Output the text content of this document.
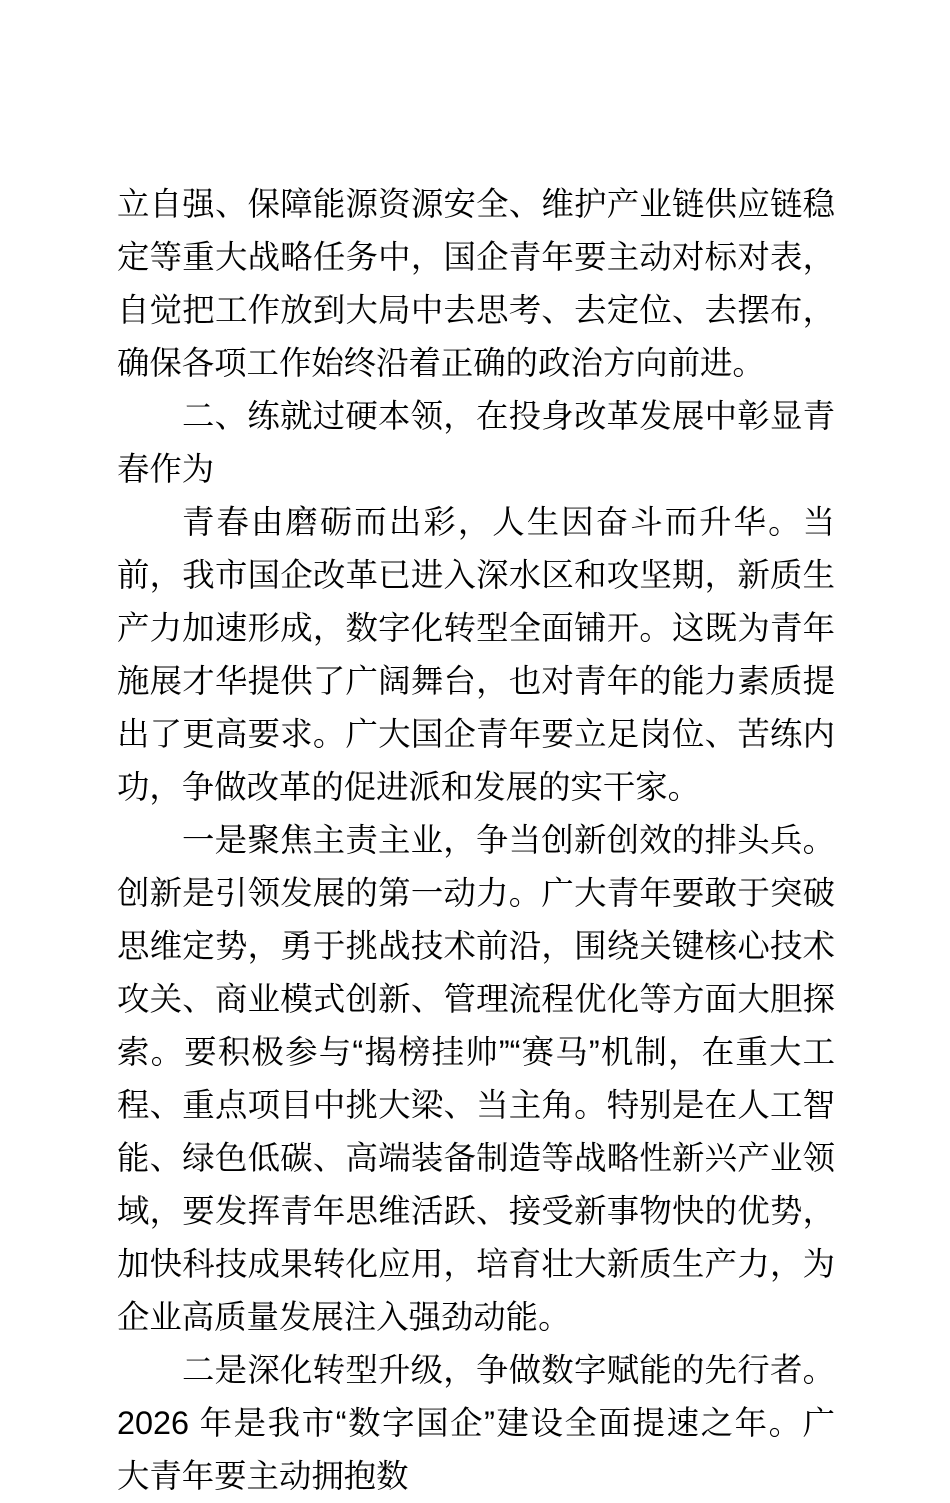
立自强、保障能源资源安全、维护产业链供应链稳定等重大战略任务中，国企青年要主动对标对表，自觉把工作放到大局中去思考、去定位、去摆布，确保各项工作始终沿着正确的政治方向前进。

二、练就过硬本领，在投身改革发展中彰显青春作为

青春由磨砺而出彩，人生因奋斗而升华。当前，我市国企改革已进入深水区和攻坚期，新质生产力加速形成，数字化转型全面铺开。这既为青年施展才华提供了广阔舞台，也对青年的能力素质提出了更高要求。广大国企青年要立足岗位、苦练内功，争做改革的促进派和发展的实干家。

一是聚焦主责主业，争当创新创效的排头兵。创新是引领发展的第一动力。广大青年要敢于突破思维定势，勇于挑战技术前沿，围绕关键核心技术攻关、商业模式创新、管理流程优化等方面大胆探索。要积极参与“揭榜挂帅”“赛马”机制，在重大工程、重点项目中挑大梁、当主角。特别是在人工智能、绿色低碳、高端装备制造等战略性新兴产业领域，要发挥青年思维活跃、接受新事物快的优势，加快科技成果转化应用，培育壮大新质生产力，为企业高质量发展注入强劲动能。

二是深化转型升级，争做数字赋能的先行者。2026 年是我市“数字国企”建设全面提速之年。广大青年要主动拥抱数
